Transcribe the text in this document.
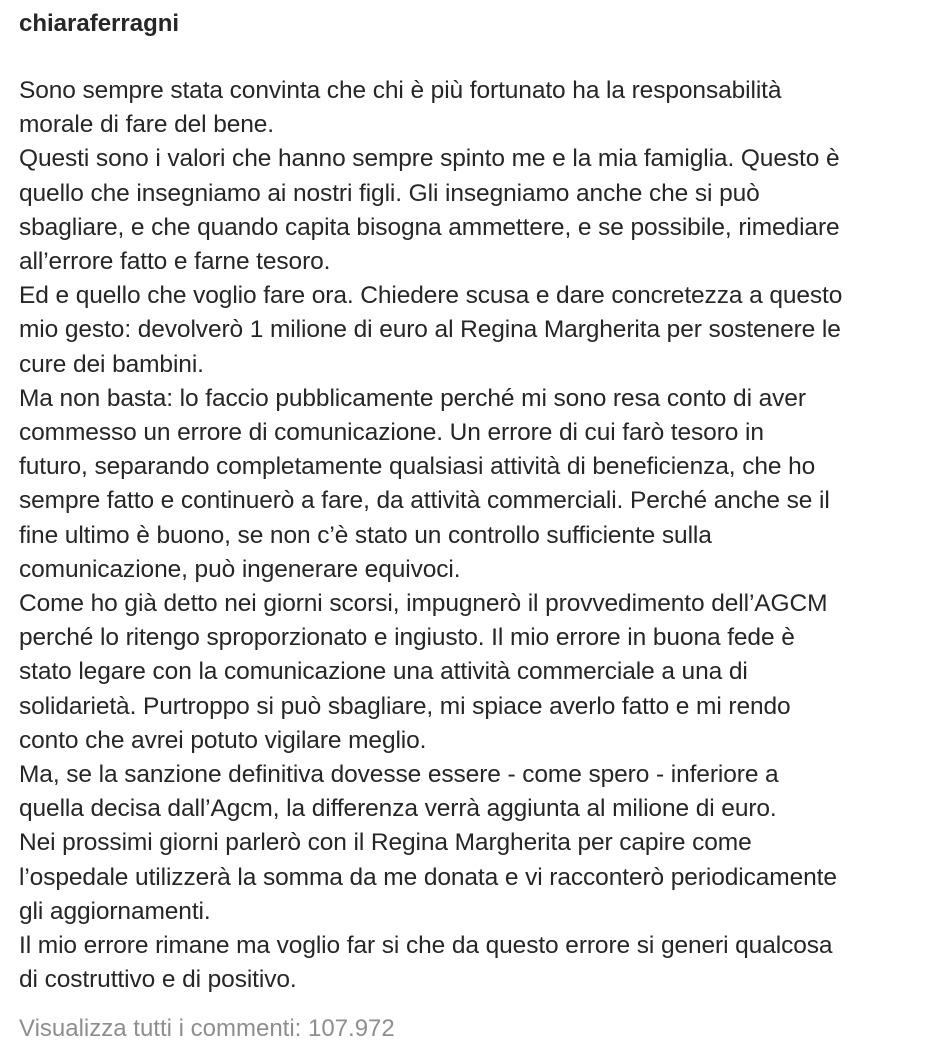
chiaraferragni
Sono sempre stata convinta che chi è più fortunato ha la responsabilità
morale di fare del bene.
Questi sono i valori che hanno sempre spinto me e la mia famiglia. Questo è
quello che insegniamo ai nostri figli. Gli insegniamo anche che si può
sbagliare, e che quando capita bisogna ammettere, e se possibile, rimediare
all’errore fatto e farne tesoro.
Ed e quello che voglio fare ora. Chiedere scusa e dare concretezza a questo
mio gesto: devolverò 1 milione di euro al Regina Margherita per sostenere le
cure dei bambini.
Ma non basta: lo faccio pubblicamente perché mi sono resa conto di aver
commesso un errore di comunicazione. Un errore di cui farò tesoro in
futuro, separando completamente qualsiasi attività di beneficienza, che ho
sempre fatto e continuerò a fare, da attività commerciali. Perché anche se il
fine ultimo è buono, se non c’è stato un controllo sufficiente sulla
comunicazione, può ingenerare equivoci.
Come ho già detto nei giorni scorsi, impugnerò il provvedimento dell’AGCM
perché lo ritengo sproporzionato e ingiusto. Il mio errore in buona fede è
stato legare con la comunicazione una attività commerciale a una di
solidarietà. Purtroppo si può sbagliare, mi spiace averlo fatto e mi rendo
conto che avrei potuto vigilare meglio.
Ma, se la sanzione definitiva dovesse essere - come spero - inferiore a
quella decisa dall’Agcm, la differenza verrà aggiunta al milione di euro.
Nei prossimi giorni parlerò con il Regina Margherita per capire come
l’ospedale utilizzerà la somma da me donata e vi racconterò periodicamente
gli aggiornamenti.
Il mio errore rimane ma voglio far si che da questo errore si generi qualcosa
di costruttivo e di positivo.
Visualizza tutti i commenti: 107.972
